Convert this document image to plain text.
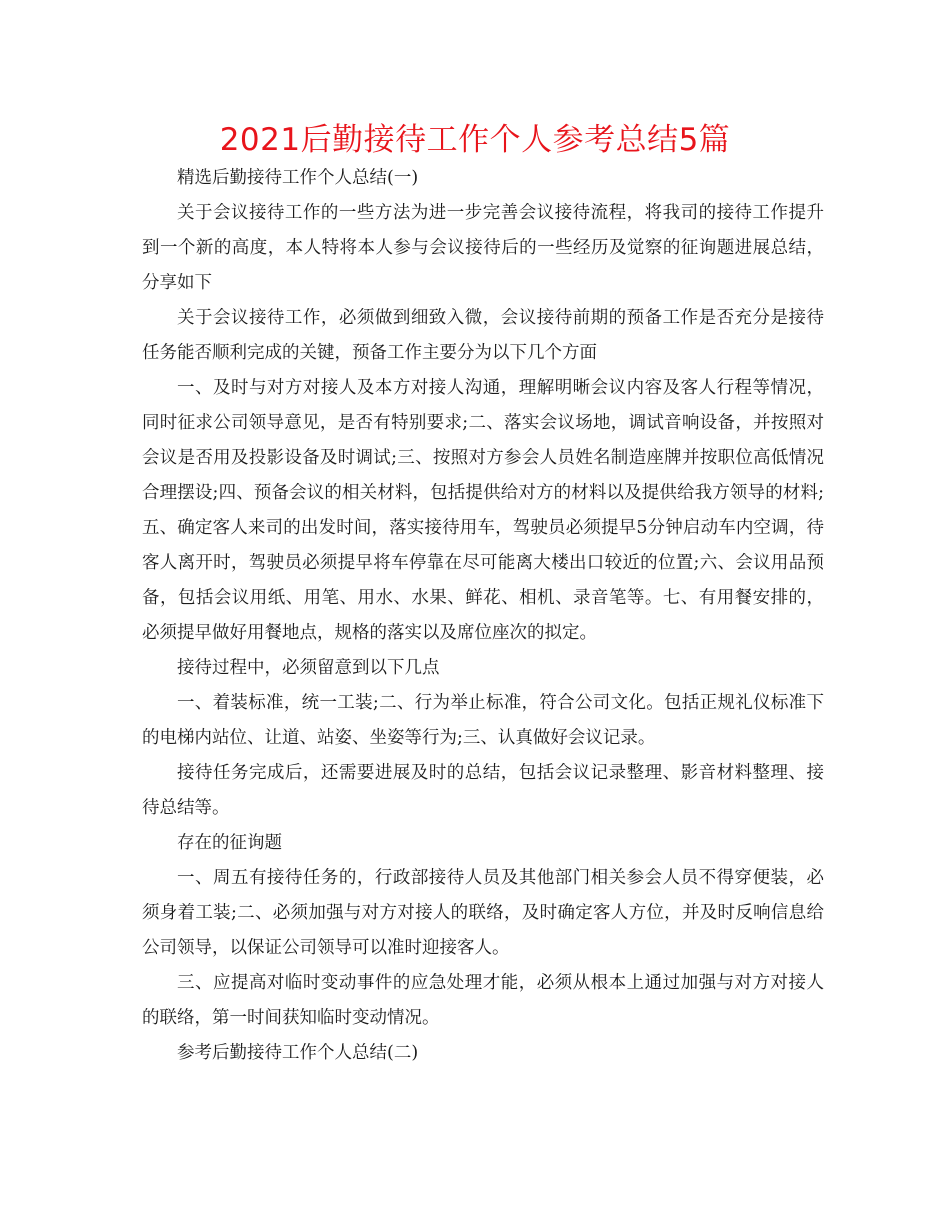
2021后勤接待工作个人参考总结5篇

精选后勤接待工作个人总结(一)

关于会议接待工作的一些方法为进一步完善会议接待流程，将我司的接待工作提升到一个新的高度，本人特将本人参与会议接待后的一些经历及觉察的征询题进展总结，分享如下

关于会议接待工作，必须做到细致入微，会议接待前期的预备工作是否充分是接待任务能否顺利完成的关键，预备工作主要分为以下几个方面

一、及时与对方对接人及本方对接人沟通，理解明晰会议内容及客人行程等情况，同时征求公司领导意见，是否有特别要求;二、落实会议场地，调试音响设备，并按照对会议是否用及投影设备及时调试;三、按照对方参会人员姓名制造座牌并按职位高低情况合理摆设;四、预备会议的相关材料，包括提供给对方的材料以及提供给我方领导的材料;五、确定客人来司的出发时间，落实接待用车，驾驶员必须提早5分钟启动车内空调，待客人离开时，驾驶员必须提早将车停靠在尽可能离大楼出口较近的位置;六、会议用品预备，包括会议用纸、用笔、用水、水果、鲜花、相机、录音笔等。七、有用餐安排的，必须提早做好用餐地点，规格的落实以及席位座次的拟定。

接待过程中，必须留意到以下几点

一、着装标准，统一工装;二、行为举止标准，符合公司文化。包括正规礼仪标准下的电梯内站位、让道、站姿、坐姿等行为;三、认真做好会议记录。

接待任务完成后，还需要进展及时的总结，包括会议记录整理、影音材料整理、接待总结等。

存在的征询题

一、周五有接待任务的，行政部接待人员及其他部门相关参会人员不得穿便装，必须身着工装;二、必须加强与对方对接人的联络，及时确定客人方位，并及时反响信息给公司领导，以保证公司领导可以准时迎接客人。

三、应提高对临时变动事件的应急处理才能，必须从根本上通过加强与对方对接人的联络，第一时间获知临时变动情况。

参考后勤接待工作个人总结(二)
